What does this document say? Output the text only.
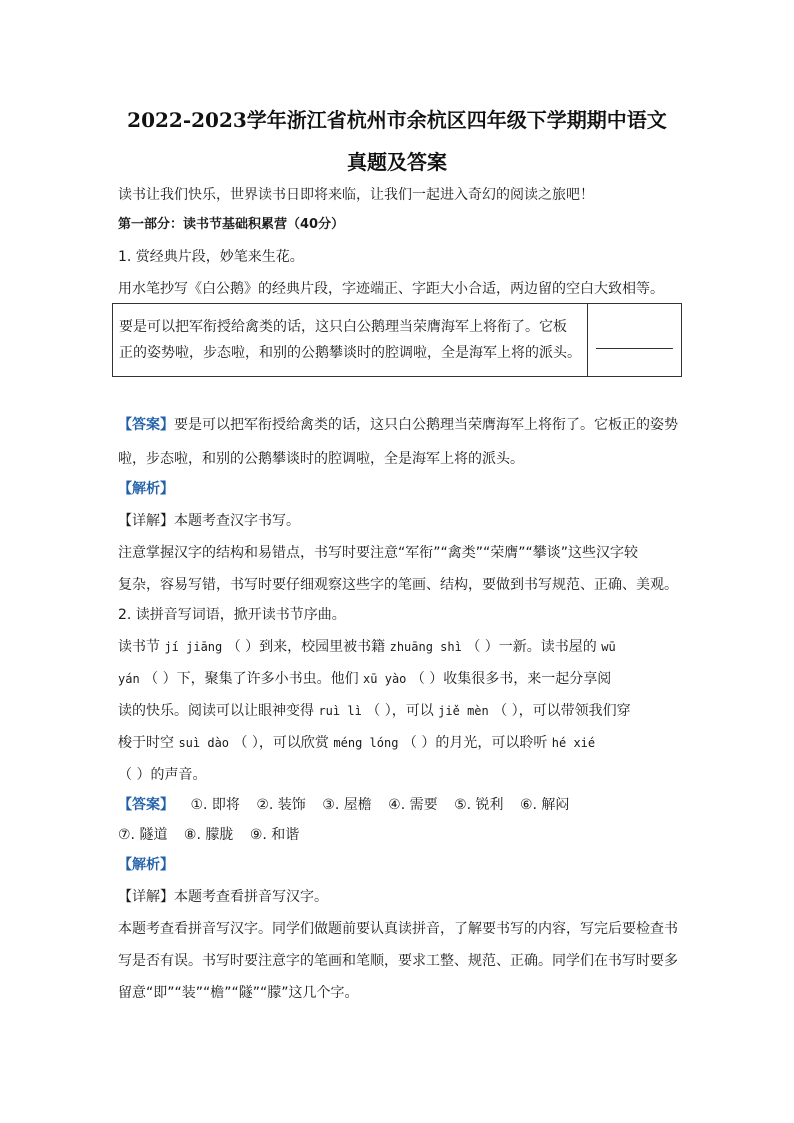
2022-2023学年浙江省杭州市余杭区四年级下学期期中语文
真题及答案
读书让我们快乐，世界读书日即将来临，让我们一起进入奇幻的阅读之旅吧！
第一部分：读书节基础积累营（40分）
1. 赏经典片段，妙笔来生花。
用水笔抄写《白公鹅》的经典片段，字迹端正、字距大小合适，两边留的空白大致相等。
要是可以把军衔授给禽类的话，这只白公鹅理当荣膺海军上将衔了。它板
正的姿势啦，步态啦，和别的公鹅攀谈时的腔调啦，全是海军上将的派头。

【答案】要是可以把军衔授给禽类的话，这只白公鹅理当荣膺海军上将衔了。它板正的姿势
啦，步态啦，和别的公鹅攀谈时的腔调啦，全是海军上将的派头。
【解析】
【详解】本题考查汉字书写。
注意掌握汉字的结构和易错点，书写时要注意“军衔”“禽类”“荣膺”“攀谈”这些汉字较
复杂，容易写错，书写时要仔细观察这些字的笔画、结构，要做到书写规范、正确、美观。
2. 读拼音写词语，掀开读书节序曲。
读书节 jí jiāng （ ）到来，校园里被书籍 zhuāng shì （ ）一新。读书屋的 wū
yán （ ）下，聚集了许多小书虫。他们 xū yào （ ）收集很多书，来一起分享阅
读的快乐。阅读可以让眼神变得 ruì lì （ ），可以 jiě mèn （ ），可以带领我们穿
梭于时空 suì dào （ ），可以欣赏 méng lóng （ ）的月光，可以聆听 hé xié
（ ）的声音。
【答案】 ①. 即将 ②. 装饰 ③. 屋檐 ④. 需要 ⑤. 锐利 ⑥. 解闷
⑦. 隧道 ⑧. 朦胧 ⑨. 和谐
【解析】
【详解】本题考查看拼音写汉字。
本题考查看拼音写汉字。同学们做题前要认真读拼音，了解要书写的内容，写完后要检查书
写是否有误。书写时要注意字的笔画和笔顺，要求工整、规范、正确。同学们在书写时要多
留意“即”“装”“檐”“隧”“朦”这几个字。
